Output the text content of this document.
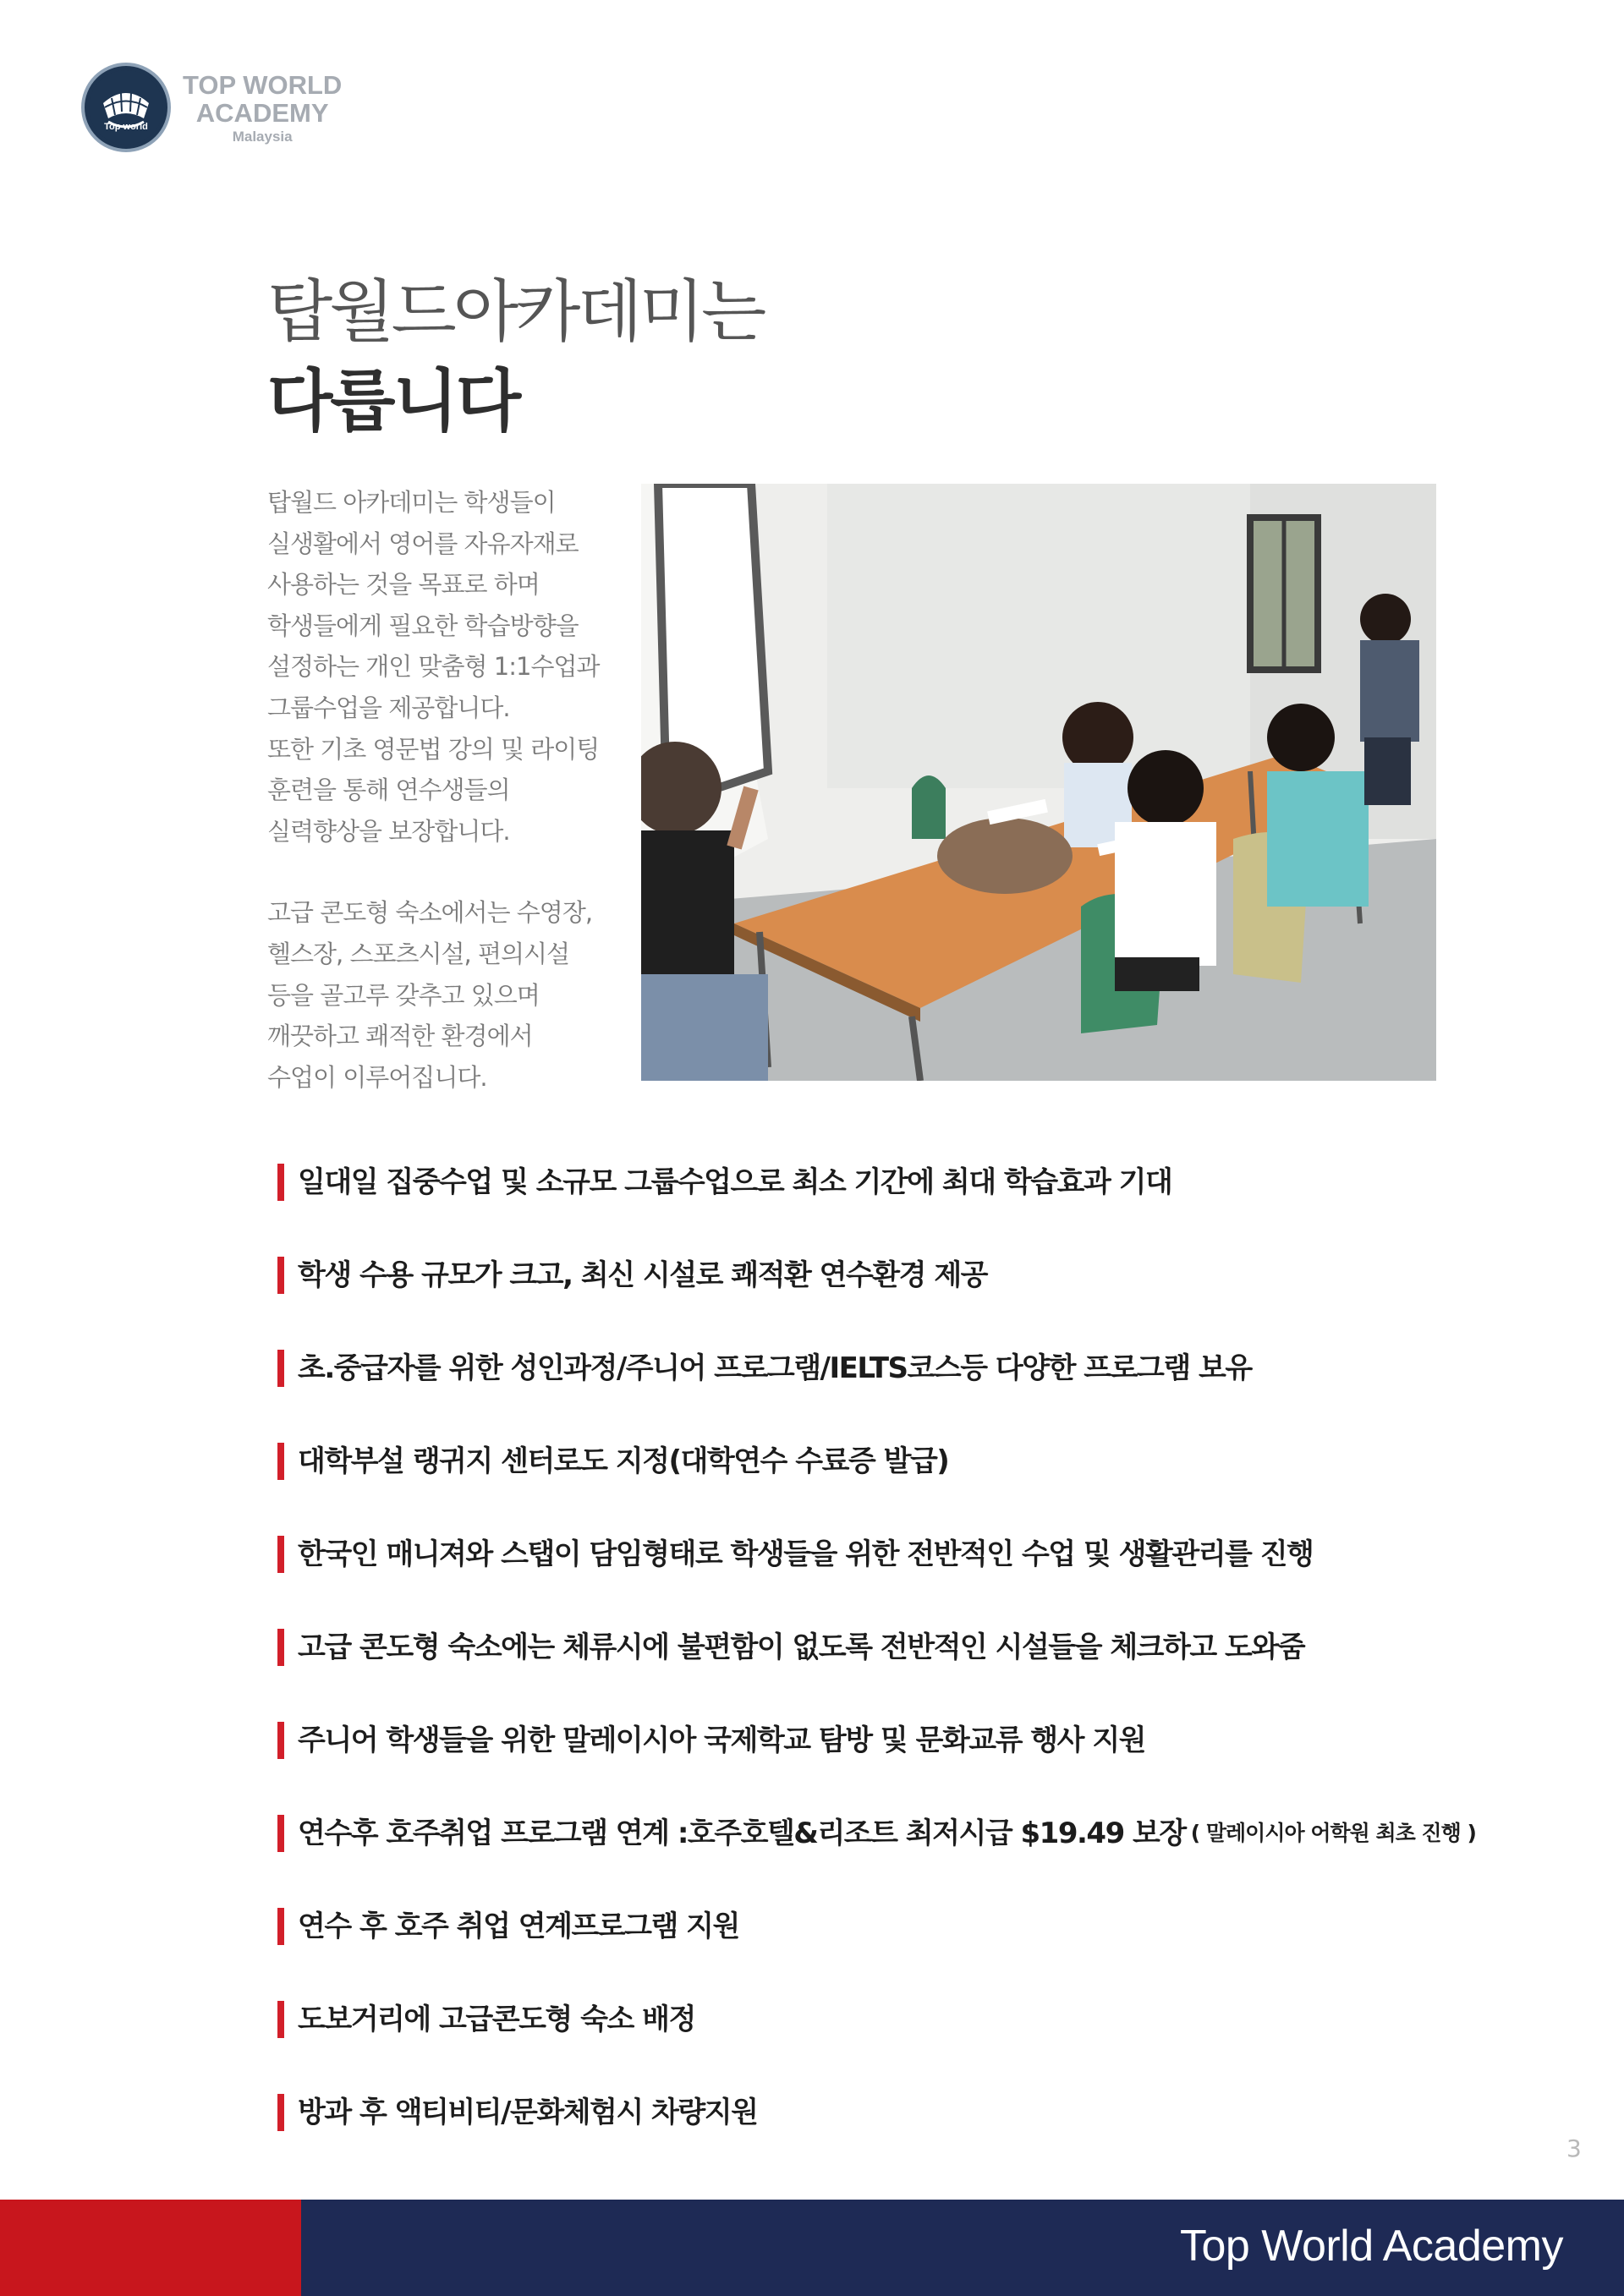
Top world
TOP WORLD
ACADEMY
Malaysia
탑월드아카데미는
다릅니다

탑월드 아카데미는 학생들이

실생활에서 영어를 자유자재로

사용하는 것을 목표로 하며

학생들에게 필요한 학습방향을

설정하는 개인 맞춤형 1:1수업과

그룹수업을 제공합니다.

또한 기초 영문법 강의 및 라이팅

훈련을 통해 연수생들의

실력향상을 보장합니다.

고급 콘도형 숙소에서는 수영장,

헬스장, 스포츠시설, 편의시설

등을 골고루 갖추고 있으며

깨끗하고 쾌적한 환경에서

수업이 이루어집니다.

일대일 집중수업 및 소규모 그룹수업으로 최소 기간에 최대 학습효과 기대
학생 수용 규모가 크고, 최신 시설로 쾌적환 연수환경 제공
초.중급자를 위한 성인과정/주니어 프로그램/IELTS코스등 다양한 프로그램 보유
대학부설 랭귀지 센터로도 지정(대학연수 수료증 발급)
한국인 매니져와 스탭이 담임형태로 학생들을 위한 전반적인 수업 및 생활관리를 진행
고급 콘도형 숙소에는 체류시에 불편함이 없도록 전반적인 시설들을 체크하고 도와줌
주니어 학생들을 위한 말레이시아 국제학교 탐방 및 문화교류 행사 지원
연수후 호주취업 프로그램 연계 :호주호텔&리조트 최저시급 $19.49 보장 ( 말레이시아 어학원 최초 진행 )
연수 후 호주 취업 연계프로그램 지원
도보거리에 고급콘도형 숙소 배정
방과 후 액티비티/문화체험시 차량지원
3
Top World Academy
